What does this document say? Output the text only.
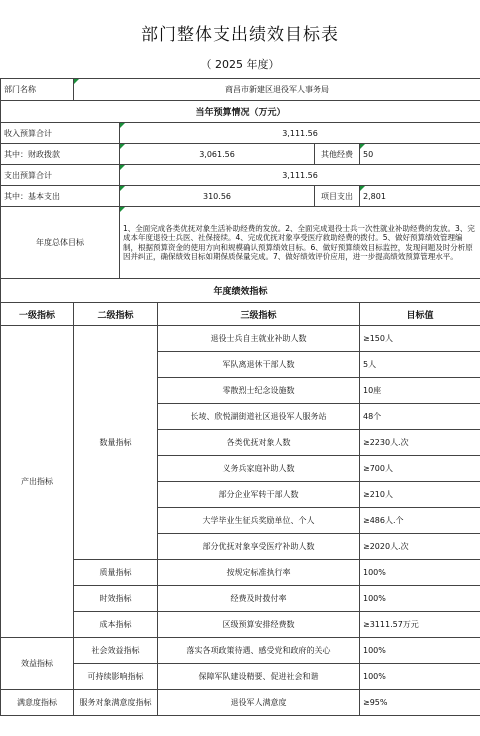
部门整体支出绩效目标表
（ 2025 年度）
部门名称	商昌市新建区退役军人事务局				
当年预算情况（万元）					
收入预算合计		3,111.56			
其中：财政拨款		3,061.56		其他经费	50
支出预算合计		3,111.56			
其中：基本支出		310.56		项目支出	2,801
年度总体目标		1、全面完成各类优抚对象生活补助经费的发放。2、全面完成退役士兵一次性就业补助经费的发放。3、完成本年度退役士兵医、社保接续。4、完成优抚对象享受医疗救助经费的拨付。5、做好预算绩效管理编制，根据预算资金的使用方向和规模确认预算绩效目标。6、做好预算绩效目标监控，发现问题及时分析原因并纠正，确保绩效目标如期保质保量完成。7、做好绩效评价应用，进一步提高绩效预算管理水平。			
年度绩效指标					
一级指标	二级指标		三级指标		目标值
产出指标	数量指标		退役士兵自主就业补助人数		≥150人
			军队离退休干部人数		5人
			零散烈士纪念设施数		10座
			长堎、欣悦湖街道社区退役军人服务站		48个
			各类优抚对象人数		≥2230人.次
			义务兵家庭补助人数		≥700人
			部分企业军转干部人数		≥210人
			大学毕业生征兵奖励单位、个人		≥486人.个
			部分优抚对象享受医疗补助人数		≥2020人.次
	质量指标		按规定标准执行率		100%
	时效指标		经费及时拨付率		100%
	成本指标		区级预算安排经费数		≥3111.57万元
效益指标	社会效益指标		落实各项政策待遇、感受党和政府的关心		100%
	可持续影响指标		保障军队建设精要、促进社会和谐		100%
满意度指标	服务对象满意度指标		退役军人满意度		≥95%
